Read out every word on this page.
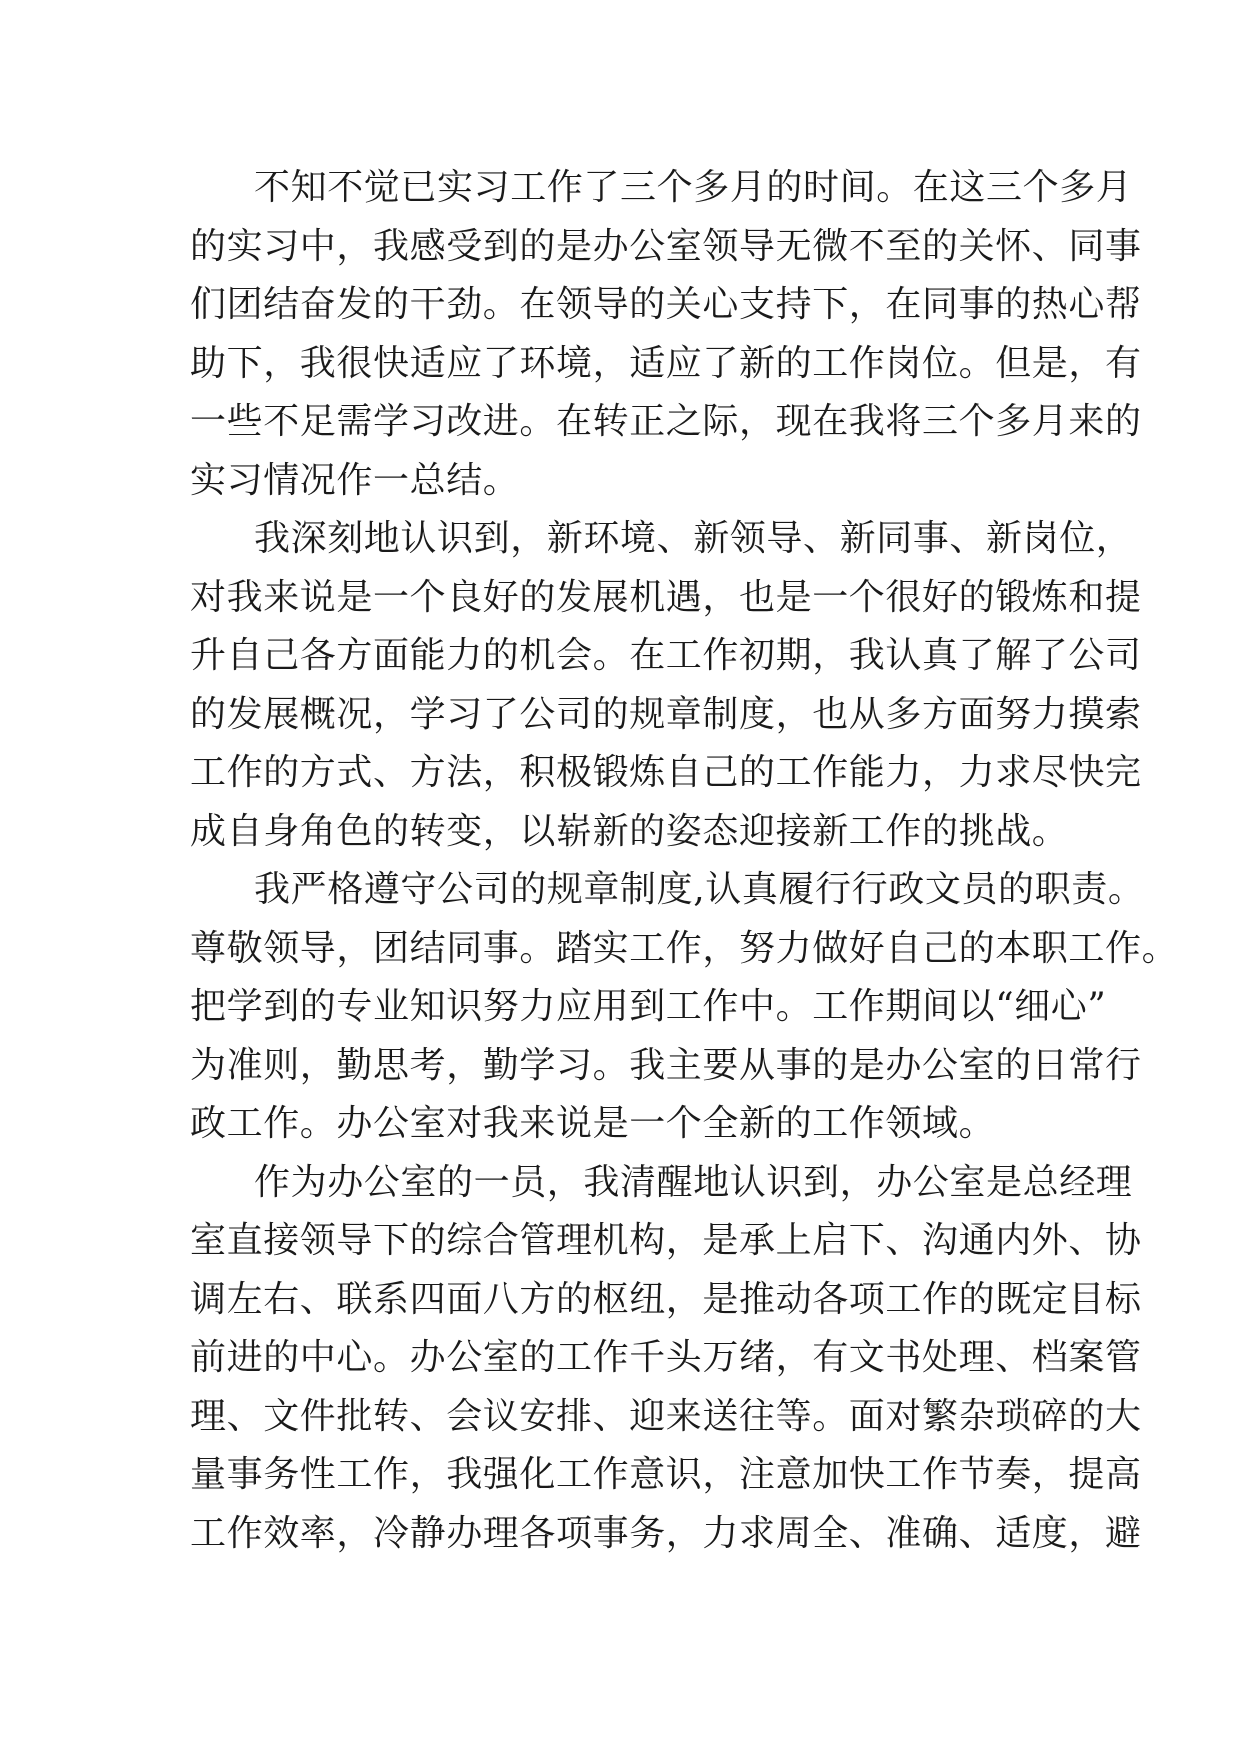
不知不觉已实习工作了三个多月的时间。在这三个多月
的实习中，我感受到的是办公室领导无微不至的关怀、同事
们团结奋发的干劲。在领导的关心支持下，在同事的热心帮
助下，我很快适应了环境，适应了新的工作岗位。但是，有
一些不足需学习改进。在转正之际，现在我将三个多月来的
实习情况作一总结。
我深刻地认识到，新环境、新领导、新同事、新岗位，
对我来说是一个良好的发展机遇，也是一个很好的锻炼和提
升自己各方面能力的机会。在工作初期，我认真了解了公司
的发展概况，学习了公司的规章制度，也从多方面努力摸索
工作的方式、方法，积极锻炼自己的工作能力，力求尽快完
成自身角色的转变，以崭新的姿态迎接新工作的挑战。
我严格遵守公司的规章制度,认真履行行政文员的职责。
尊敬领导，团结同事。踏实工作，努力做好自己的本职工作。
把学到的专业知识努力应用到工作中。工作期间以“细心”
为准则，勤思考，勤学习。我主要从事的是办公室的日常行
政工作。办公室对我来说是一个全新的工作领域。
作为办公室的一员，我清醒地认识到，办公室是总经理
室直接领导下的综合管理机构，是承上启下、沟通内外、协
调左右、联系四面八方的枢纽，是推动各项工作的既定目标
前进的中心。办公室的工作千头万绪，有文书处理、档案管
理、文件批转、会议安排、迎来送往等。面对繁杂琐碎的大
量事务性工作，我强化工作意识，注意加快工作节奏，提高
工作效率，冷静办理各项事务，力求周全、准确、适度，避
